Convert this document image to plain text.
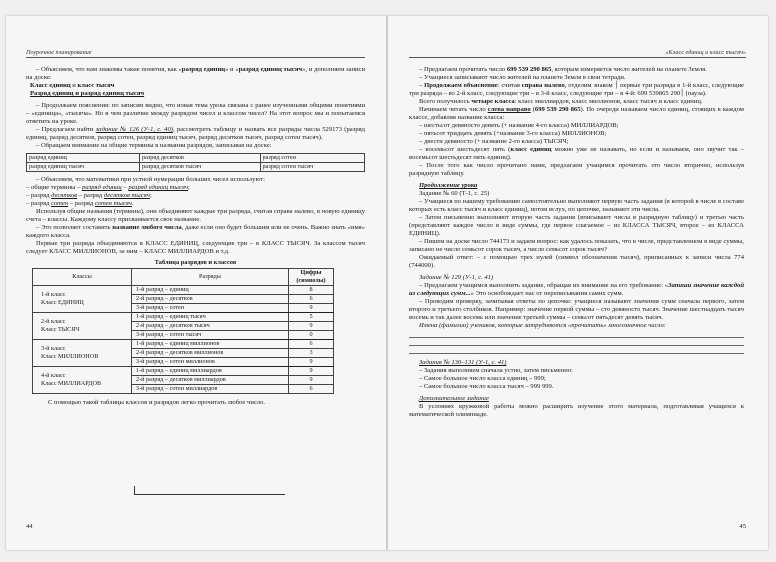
Поурочное планирование

– Объясняем, что нам знакомы такие понятия, как «разряд единиц» и «разряд единиц тысяч», и дополняем записи на доске:

Класс единиц и класс тысяч

Разряд единиц и разряд единиц тысяч

– Продолжаем пояснения: по записям видно, что новая тема урока связана с ранее изученными общими понятиями – «единица», «тысяча». Но в чем различие между разрядом чисел и классом чисел? На этот вопрос мы и попытаемся ответить на уроке.

– Предлагаем найти задание № 126 (У-1, с. 40), рассмотреть таблицу и назвать все разряды числа 529173 (разряд единиц, разряд десятков, разряд сотен, разряд единиц тысяч, разряд десятков тысяч, разряд сотен тысяч).

– Обращаем внимание на общие термины в названии разрядов, записывая на доске:

разряд единиц	разряд десятков	разряд сотен
разряд единиц тысяч	разряд десятков тысяч	разряд сотен тысяч

– Объясняем, что математики при устной нумерации больших чисел используют:

– общие термины – разряд единиц – разряд единиц тысяч;

– разряд десятков – разряд десятков тысяч;

– разряд сотен – разряд сотен тысяч.

Используя общие названия (термины), они объединяют каждые три разряда, считая справа налево, в новую единицу счета – классы. Каждому классу присваивается свое название.

– Это позволяет составить название любого числа, даже если оно будет большим или не очень. Важно знать «имя» каждого класса.

Первые три разряда объединяются в КЛАСС ЕДИНИЦ, следующие три – в КЛАСС ТЫСЯЧ. За классом тысяч следует КЛАСС МИЛЛИОНОВ, за ним – КЛАСС МИЛЛИАРДОВ и т.д.

Таблица разрядов и классов
Классы	Разряды	Цифры (символы)
1-й класс
Класс ЕДИНИЦ	1-й разряд – единиц	8
	2-й разряд – десятков	6
	3-й разряд – сотен	9
2-й класс
Класс ТЫСЯЧ	1-й разряд – единиц тысяч	5
	2-й разряд – десятков тысяч	9
	3-й разряд – сотен тысяч	0
3-й класс
Класс МИЛЛИОНОВ	1-й разряд – единиц миллионов	6
	2-й разряд – десятков миллионов	3
	3-й разряд – сотен миллионов	9
4-й класс
Класс МИЛЛИАРДОВ	1-й разряд – единиц миллиардов	9
	2-й разряд – десятков миллиардов	9
	3-й разряд – сотен миллиардов	6

С помощью такой таблицы классов и разрядов легко прочитать любое число.

44
«Класс единиц и класс тысяч»

– Предлагаем прочитать число 699 539 290 865, которым измеряется число жителей на планете Земля.

– Учащиеся записывают число жителей на планете Земля в свои тетради.

– Продолжаем объяснение: считая справа налево, отделим знаком ׀ первые три разряда в 1-й класс, следующие три разряда – во 2-й класс, следующие три – в 3-й класс, следующие три – в 4-й: 699 539׀290 865 (пауза).

Всего получилось четыре класса: класс миллиардов, класс миллионов, класс тысяч и класс единиц.

Начинаем читать число слева направо (699 539 290 865). По очереди называем число единиц, стоящих в каждом классе, добавляя название класса:

– шестьсот девяносто девять (+ название 4-го класса) МИЛЛИАРДОВ;

– пятьсот тридцать девять (+название 3-го класса) МИЛЛИОНОВ;

– двести девяносто (+ название 2-го класса) ТЫСЯЧ;

– восемьсот шестьдесят пять (класс единиц можно уже не называть, но если и называем, оно звучит так – восемьсот шестьдесят пять единиц).

– После того как число прочитано нами, предлагаем учащимся прочитать это число вторично, используя разрядную таблицу.

Продолжение урока

Задание № 60 (Т-1, с. 25)

– Учащиеся по нашему требованию самостоятельно выполняют первую часть задания (в которой в числе в составе которых есть класс тысяч и класс единиц), потом вслух, по цепочке, называют эти числа.

– Затем письменно выполняют вторую часть задания (вписывают числа в разрядную таблицу) и третью часть (представляют каждое число в виде суммы, где первое слагаемое – из КЛАССА ТЫСЯЧ, второе – из КЛАССА ЕДИНИЦ).

– Пишем на доске число 744173 и задаем вопрос: как удалось показать, что в числе, представленном в виде суммы, записано не число семьсот сорок тысяч, а число семьсот сорок тысяч?

Ожидаемый ответ: – с помощью трех нулей (символ обозначения тысяч), приписанных к записи числа 774 (744000).

Задание № 129 (У-1, с. 41)

– Предлагаем учащимся выполнить задание, обращая их внимание на его требование: «Запиши значение каждой из следующих сумм...» Это освобождает нас от переписывания самих сумм.

– Проводим проверку, зачитывая ответы по цепочке: учащиеся называют значения сумм сначала первого, затем второго и третьего столбиков. Например: значение первой суммы – сто девяносто тысяч. Значение шестнадцать тысяч восемь и так далее восемь или значение третьей суммы – семьсот пятьдесят девять тысяч.

Имена (фамилии) учеников, которые затрудняются «прочитать» многозначное число:

Задания № 130–131 (У-1, с. 41)

– Задания выполняем сначала устно, затем письменно:

– Самое большое число класса единиц – 999;

– Самое большое число класса тысяч – 999 999.

Дополнительное задание

В условиях кружковой работы можно расширить изучение этого материала, подготавливая учащихся к математической олимпиаде.

45
